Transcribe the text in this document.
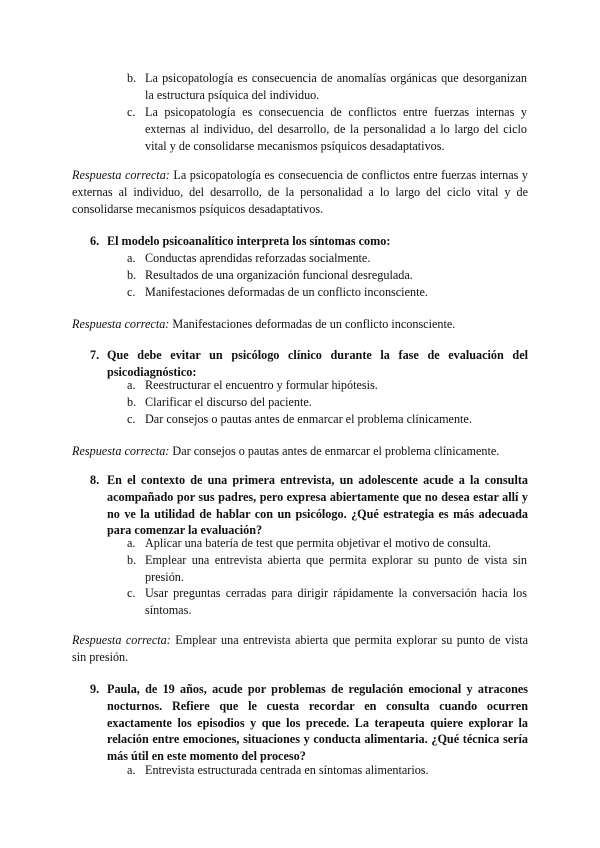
b. La psicopatología es consecuencia de anomalías orgánicas que desorganizan la estructura psíquica del individuo.
c. La psicopatología es consecuencia de conflictos entre fuerzas internas y externas al individuo, del desarrollo, de la personalidad a lo largo del ciclo vital y de consolidarse mecanismos psíquicos desadaptativos.
Respuesta correcta: La psicopatología es consecuencia de conflictos entre fuerzas internas y externas al individuo, del desarrollo, de la personalidad a lo largo del ciclo vital y de consolidarse mecanismos psíquicos desadaptativos.
6. El modelo psicoanalítico interpreta los síntomas como:
a. Conductas aprendidas reforzadas socialmente.
b. Resultados de una organización funcional desregulada.
c. Manifestaciones deformadas de un conflicto inconsciente.
Respuesta correcta: Manifestaciones deformadas de un conflicto inconsciente.
7. Que debe evitar un psicólogo clínico durante la fase de evaluación del psicodiagnóstico:
a. Reestructurar el encuentro y formular hipótesis.
b. Clarificar el discurso del paciente.
c. Dar consejos o pautas antes de enmarcar el problema clínicamente.
Respuesta correcta: Dar consejos o pautas antes de enmarcar el problema clínicamente.
8. En el contexto de una primera entrevista, un adolescente acude a la consulta acompañado por sus padres, pero expresa abiertamente que no desea estar allí y no ve la utilidad de hablar con un psicólogo. ¿Qué estrategia es más adecuada para comenzar la evaluación?
a. Aplicar una batería de test que permita objetivar el motivo de consulta.
b. Emplear una entrevista abierta que permita explorar su punto de vista sin presión.
c. Usar preguntas cerradas para dirigir rápidamente la conversación hacia los síntomas.
Respuesta correcta: Emplear una entrevista abierta que permita explorar su punto de vista sin presión.
9. Paula, de 19 años, acude por problemas de regulación emocional y atracones nocturnos. Refiere que le cuesta recordar en consulta cuando ocurren exactamente los episodios y que los precede. La terapeuta quiere explorar la relación entre emociones, situaciones y conducta alimentaria. ¿Qué técnica sería más útil en este momento del proceso?
a. Entrevista estructurada centrada en síntomas alimentarios.
